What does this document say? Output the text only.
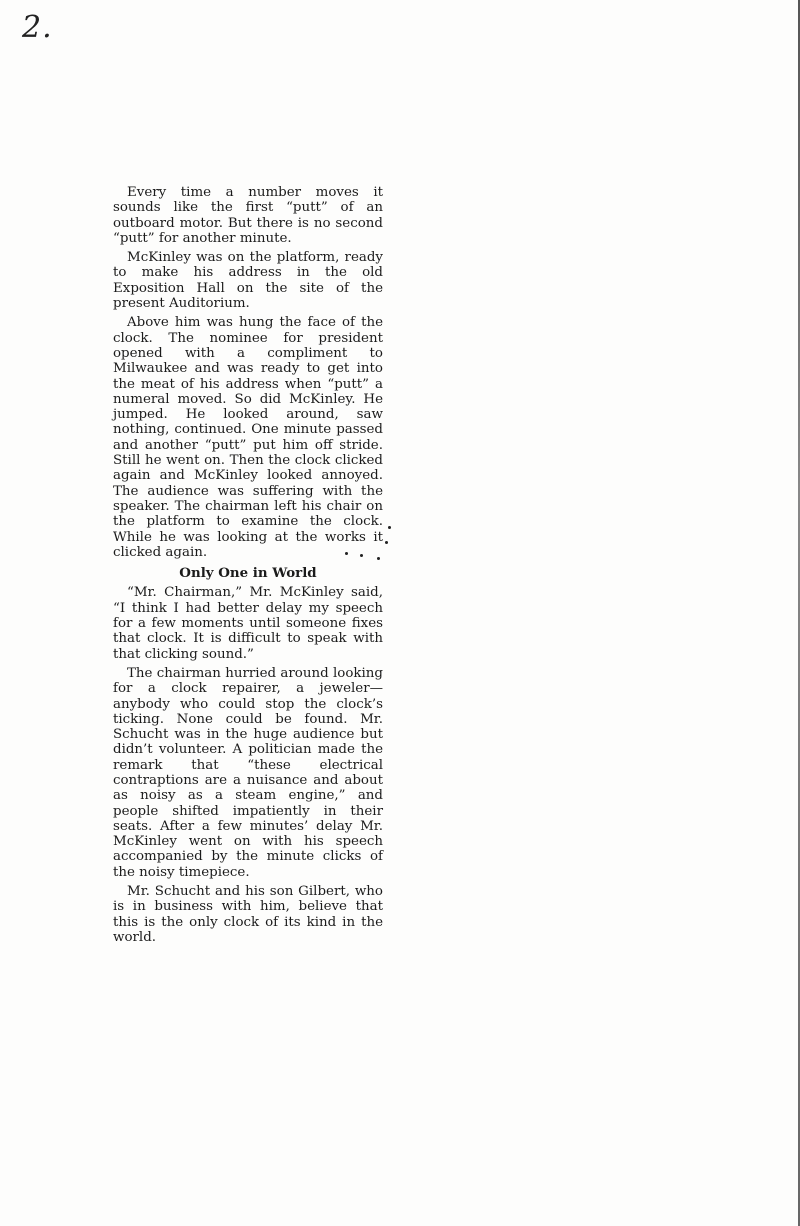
2.

Every time a number moves it sounds like the first “putt” of an outboard motor. But there is no second “putt” for another minute.

McKinley was on the platform, ready to make his address in the old Exposition Hall on the site of the present Auditorium.

Above him was hung the face of the clock. The nominee for president opened with a compliment to Milwaukee and was ready to get into the meat of his address when “putt” a numeral moved. So did McKinley. He jumped. He looked around, saw nothing, continued. One minute passed and another “putt” put him off stride. Still he went on. Then the clock clicked again and McKinley looked annoyed. The audience was suffering with the speaker. The chairman left his chair on the platform to examine the clock. While he was looking at the works it clicked again.

Only One in World

“Mr. Chairman,” Mr. McKinley said, “I think I had better delay my speech for a few moments until someone fixes that clock. It is difficult to speak with that clicking sound.”

The chairman hurried around looking for a clock repairer, a jeweler—anybody who could stop the clock’s ticking. None could be found. Mr. Schucht was in the huge audience but didn’t volunteer. A politician made the remark that “these electrical contraptions are a nuisance and about as noisy as a steam engine,” and people shifted impatiently in their seats. After a few minutes’ delay Mr. McKinley went on with his speech accompanied by the minute clicks of the noisy timepiece.

Mr. Schucht and his son Gilbert, who is in business with him, believe that this is the only clock of its kind in the world.
